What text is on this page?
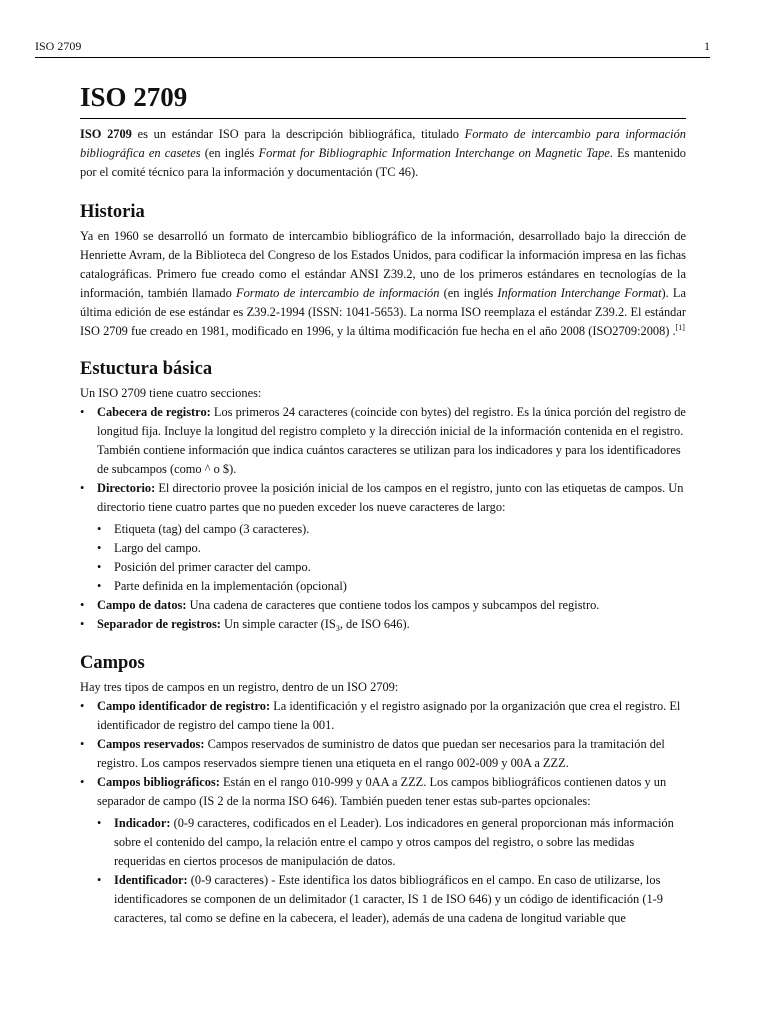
ISO 2709	1
ISO 2709

ISO 2709 es un estándar ISO para la descripción bibliográfica, titulado Formato de intercambio para información bibliográfica en casetes (en inglés Format for Bibliographic Information Interchange on Magnetic Tape. Es mantenido por el comité técnico para la información y documentación (TC 46).

Historia

Ya en 1960 se desarrolló un formato de intercambio bibliográfico de la información, desarrollado bajo la dirección de Henriette Avram, de la Biblioteca del Congreso de los Estados Unidos, para codificar la información impresa en las fichas catalográficas. Primero fue creado como el estándar ANSI Z39.2, uno de los primeros estándares en tecnologías de la información, también llamado Formato de intercambio de información (en inglés Information Interchange Format). La última edición de ese estándar es Z39.2-1994 (ISSN: 1041-5653). La norma ISO reemplaza el estándar Z39.2. El estándar ISO 2709 fue creado en 1981, modificado en 1996, y la última modificación fue hecha en el año 2008 (ISO2709:2008) .[1]

Estuctura básica

Un ISO 2709 tiene cuatro secciones:

• Cabecera de registro: Los primeros 24 caracteres (coincide con bytes) del registro. Es la única porción del registro de longitud fija. Incluye la longitud del registro completo y la dirección inicial de la información contenida en el registro. También contiene información que indica cuántos caracteres se utilizan para los indicadores y para los identificadores de subcampos (como ^ o $).
• Directorio: El directorio provee la posición inicial de los campos en el registro, junto con las etiquetas de campos. Un directorio tiene cuatro partes que no pueden exceder los nueve caracteres de largo:
• Etiqueta (tag) del campo (3 caracteres).
• Largo del campo.
• Posición del primer caracter del campo.
• Parte definida en la implementación (opcional)
• Campo de datos: Una cadena de caracteres que contiene todos los campos y subcampos del registro.
• Separador de registros: Un simple caracter ($IS_3$, de ISO 646).
Campos

Hay tres tipos de campos en un registro, dentro de un ISO 2709:

• Campo identificador de registro: La identificación y el registro asignado por la organización que crea el registro. El identificador de registro del campo tiene la 001.
• Campos reservados: Campos reservados de suministro de datos que puedan ser necesarios para la tramitación del registro. Los campos reservados siempre tienen una etiqueta en el rango 002-009 y 00A a ZZZ.
• Campos bibliográficos: Están en el rango 010-999 y 0AA a ZZZ. Los campos bibliográficos contienen datos y un separador de campo (IS 2 de la norma ISO 646). También pueden tener estas sub-partes opcionales:
• Indicador: (0-9 caracteres, codificados en el Leader). Los indicadores en general proporcionan más información sobre el contenido del campo, la relación entre el campo y otros campos del registro, o sobre las medidas requeridas en ciertos procesos de manipulación de datos.
• Identificador: (0-9 caracteres) - Este identifica los datos bibliográficos en el campo. En caso de utilizarse, los identificadores se componen de un delimitador (1 caracter, IS 1 de ISO 646) y un código de identificación (1-9 caracteres, tal como se define en la cabecera, el leader), además de una cadena de longitud variable que
